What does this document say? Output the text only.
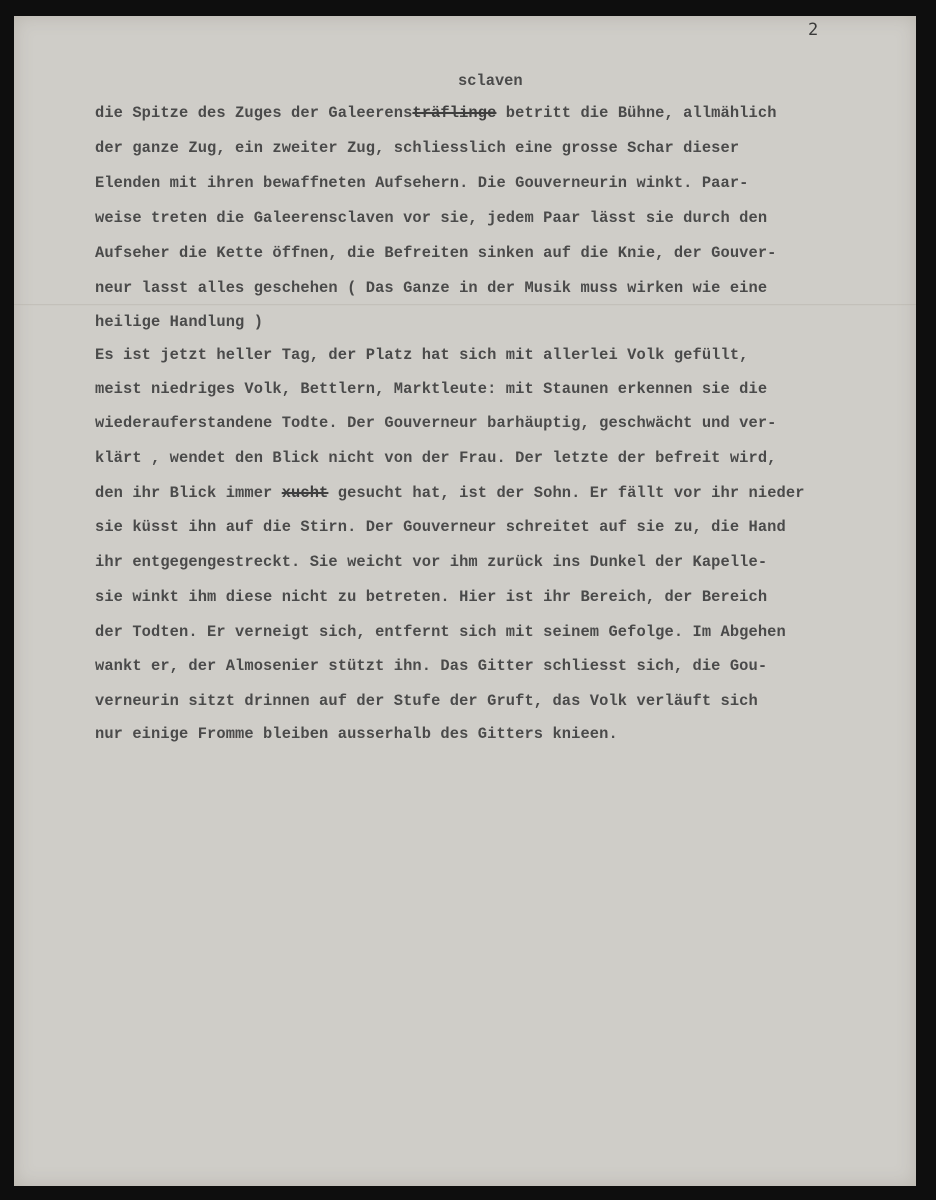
2
sclaven
die Spitze des Zuges der Galeerensträflinge betritt die Bühne, allmählich
der ganze Zug, ein zweiter Zug, schliesslich eine grosse Schar dieser
Elenden mit ihren bewaffneten Aufsehern. Die Gouverneurin winkt. Paar-
weise treten die Galeerensclaven vor sie, jedem Paar lässt sie durch den
Aufseher die Kette öffnen, die Befreiten sinken auf die Knie, der Gouver-
neur lasst alles geschehen ( Das Ganze in der Musik muss wirken wie eine
heilige Handlung )
Es ist jetzt heller Tag, der Platz hat sich mit allerlei Volk gefüllt,
meist niedriges Volk, Bettlern, Marktleute: mit Staunen erkennen sie die
wiederauferstandene Todte. Der Gouverneur barhäuptig, geschwächt und ver-
klärt , wendet den Blick nicht von der Frau. Der letzte der befreit wird,
den ihr Blick immer xucht gesucht hat, ist der Sohn. Er fällt vor ihr nieder
sie küsst ihn auf die Stirn. Der Gouverneur schreitet auf sie zu, die Hand
ihr entgegengestreckt. Sie weicht vor ihm zurück ins Dunkel der Kapelle-
sie winkt ihm diese nicht zu betreten. Hier ist ihr Bereich, der Bereich
der Todten. Er verneigt sich, entfernt sich mit seinem Gefolge. Im Abgehen
wankt er, der Almosenier stützt ihn. Das Gitter schliesst sich, die Gou-
verneurin sitzt drinnen auf der Stufe der Gruft, das Volk verläuft sich
nur einige Fromme bleiben ausserhalb des Gitters knieen.
